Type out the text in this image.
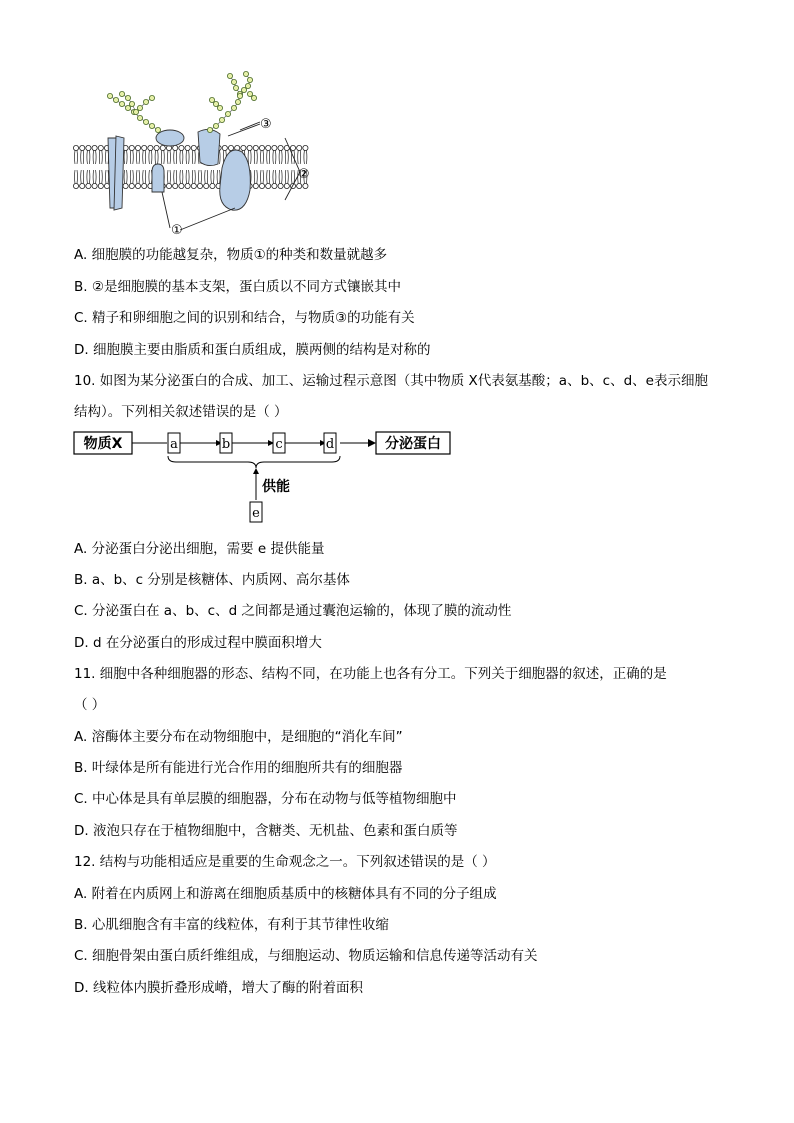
③
②
①
A. 细胞膜的功能越复杂，物质①的种类和数量就越多
B. ②是细胞膜的基本支架，蛋白质以不同方式镶嵌其中
C. 精子和卵细胞之间的识别和结合，与物质③的功能有关
D. 细胞膜主要由脂质和蛋白质组成，膜两侧的结构是对称的
10. 如图为某分泌蛋白的合成、加工、运输过程示意图（其中物质 X代表氨基酸；a、b、c、d、e表示细胞
结构）。下列相关叙述错误的是（ ）
物质X	a	b	c	d	分泌蛋白
供能
e
A. 分泌蛋白分泌出细胞，需要 e 提供能量
B. a、b、c 分别是核糖体、内质网、高尔基体
C. 分泌蛋白在 a、b、c、d 之间都是通过囊泡运输的，体现了膜的流动性
D. d 在分泌蛋白的形成过程中膜面积增大
11. 细胞中各种细胞器的形态、结构不同，在功能上也各有分工。下列关于细胞器的叙述，正确的是
（ ）
A. 溶酶体主要分布在动物细胞中，是细胞的“消化车间”
B. 叶绿体是所有能进行光合作用的细胞所共有的细胞器
C. 中心体是具有单层膜的细胞器，分布在动物与低等植物细胞中
D. 液泡只存在于植物细胞中，含糖类、无机盐、色素和蛋白质等
12. 结构与功能相适应是重要的生命观念之一。下列叙述错误的是（ ）
A. 附着在内质网上和游离在细胞质基质中的核糖体具有不同的分子组成
B. 心肌细胞含有丰富的线粒体，有利于其节律性收缩
C. 细胞骨架由蛋白质纤维组成，与细胞运动、物质运输和信息传递等活动有关
D. 线粒体内膜折叠形成嵴，增大了酶的附着面积
